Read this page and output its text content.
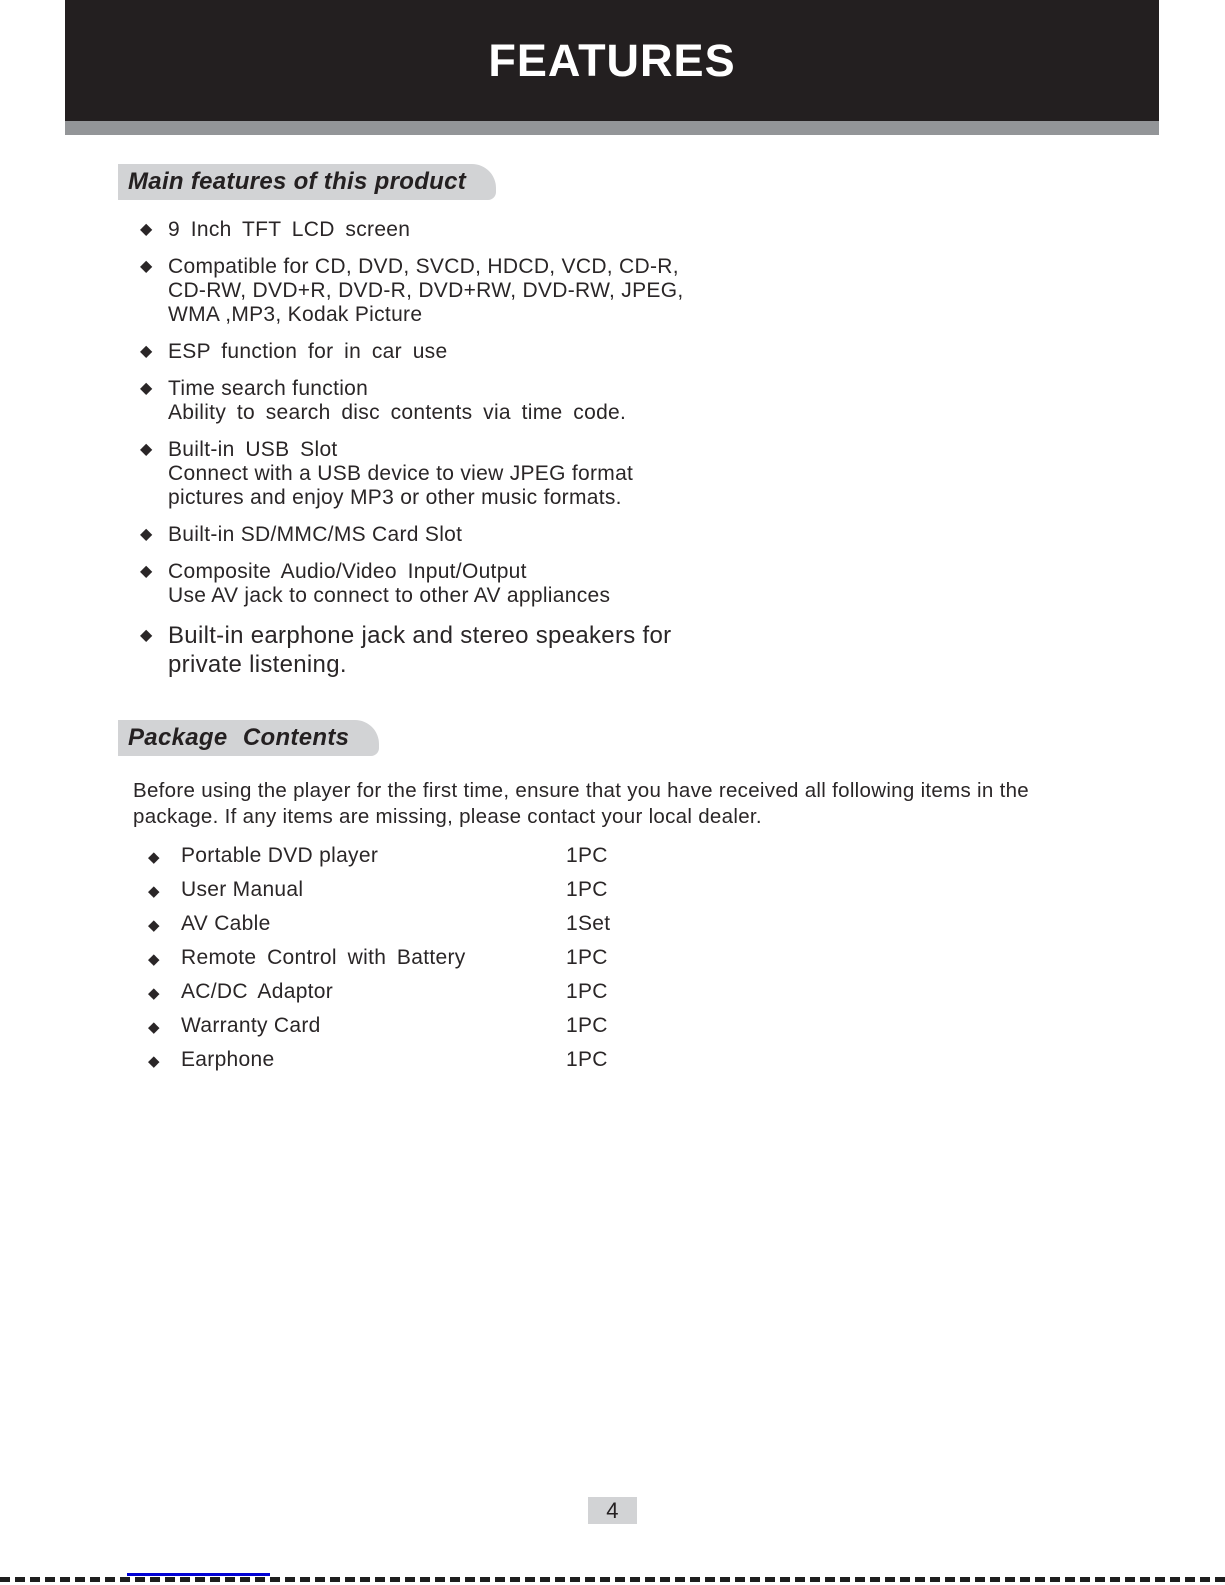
FEATURES
Main features of this product
◆ 9 Inch TFT LCD screen
◆ Compatible for CD, DVD, SVCD, HDCD, VCD, CD-R,
CD-RW, DVD+R, DVD-R, DVD+RW, DVD-RW, JPEG,
WMA ,MP3, Kodak Picture
◆ ESP function for in car use
◆ Time search function
Ability to search disc contents via time code.
◆ Built-in USB Slot
Connect with a USB device to view JPEG format
pictures and enjoy MP3 or other music formats.
◆ Built-in SD/MMC/MS Card Slot
◆ Composite Audio/Video Input/Output
Use AV jack to connect to other AV appliances
◆ Built-in earphone jack and stereo speakers for
private listening.
Package Contents
Before using the player for the first time, ensure that you have received all following items in the
package. If any items are missing, please contact your local dealer.
◆	Portable DVD player	1PC
◆	User Manual	1PC
◆	AV Cable	1Set
◆	Remote Control with Battery	1PC
◆	AC/DC Adaptor	1PC
◆	Warranty Card	1PC
◆	Earphone	1PC
4
